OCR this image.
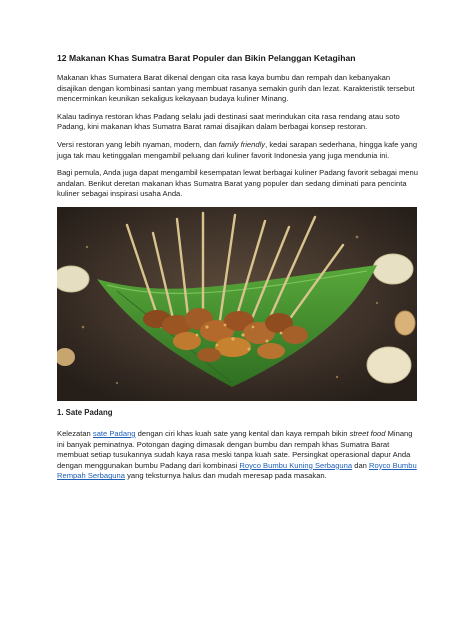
12 Makanan Khas Sumatra Barat Populer dan Bikin Pelanggan Ketagihan

Makanan khas Sumatera Barat dikenal dengan cita rasa kaya bumbu dan rempah dan kebanyakan disajikan dengan kombinasi santan yang membuat rasanya semakin gurih dan lezat. Karakteristik tersebut mencerminkan keunikan sekaligus kekayaan budaya kuliner Minang.

Kalau tadinya restoran khas Padang selalu jadi destinasi saat merindukan cita rasa rendang atau soto Padang, kini makanan khas Sumatra Barat ramai disajikan dalam berbagai konsep restoran.

Versi restoran yang lebih nyaman, modern, dan family friendly, kedai sarapan sederhana, hingga kafe yang juga tak mau ketinggalan mengambil peluang dari kuliner favorit Indonesia yang juga mendunia ini.

Bagi pemula, Anda juga dapat mengambil kesempatan lewat berbagai kuliner Padang favorit sebagai menu andalan. Berikut deretan makanan khas Sumatra Barat yang populer dan sedang diminati para pencinta kuliner sebagai inspirasi usaha Anda.

1. Sate Padang

Kelezatan sate Padang dengan ciri khas kuah sate yang kental dan kaya rempah bikin street food Minang ini banyak peminatnya. Potongan daging dimasak dengan bumbu dan rempah khas Sumatra Barat membuat setiap tusukannya sudah kaya rasa meski tanpa kuah sate. Persingkat operasional dapur Anda dengan menggunakan bumbu Padang dari kombinasi Royco Bumbu Kuning Serbaguna dan Royco Bumbu Rempah Serbaguna yang teksturnya halus dan mudah meresap pada masakan.
